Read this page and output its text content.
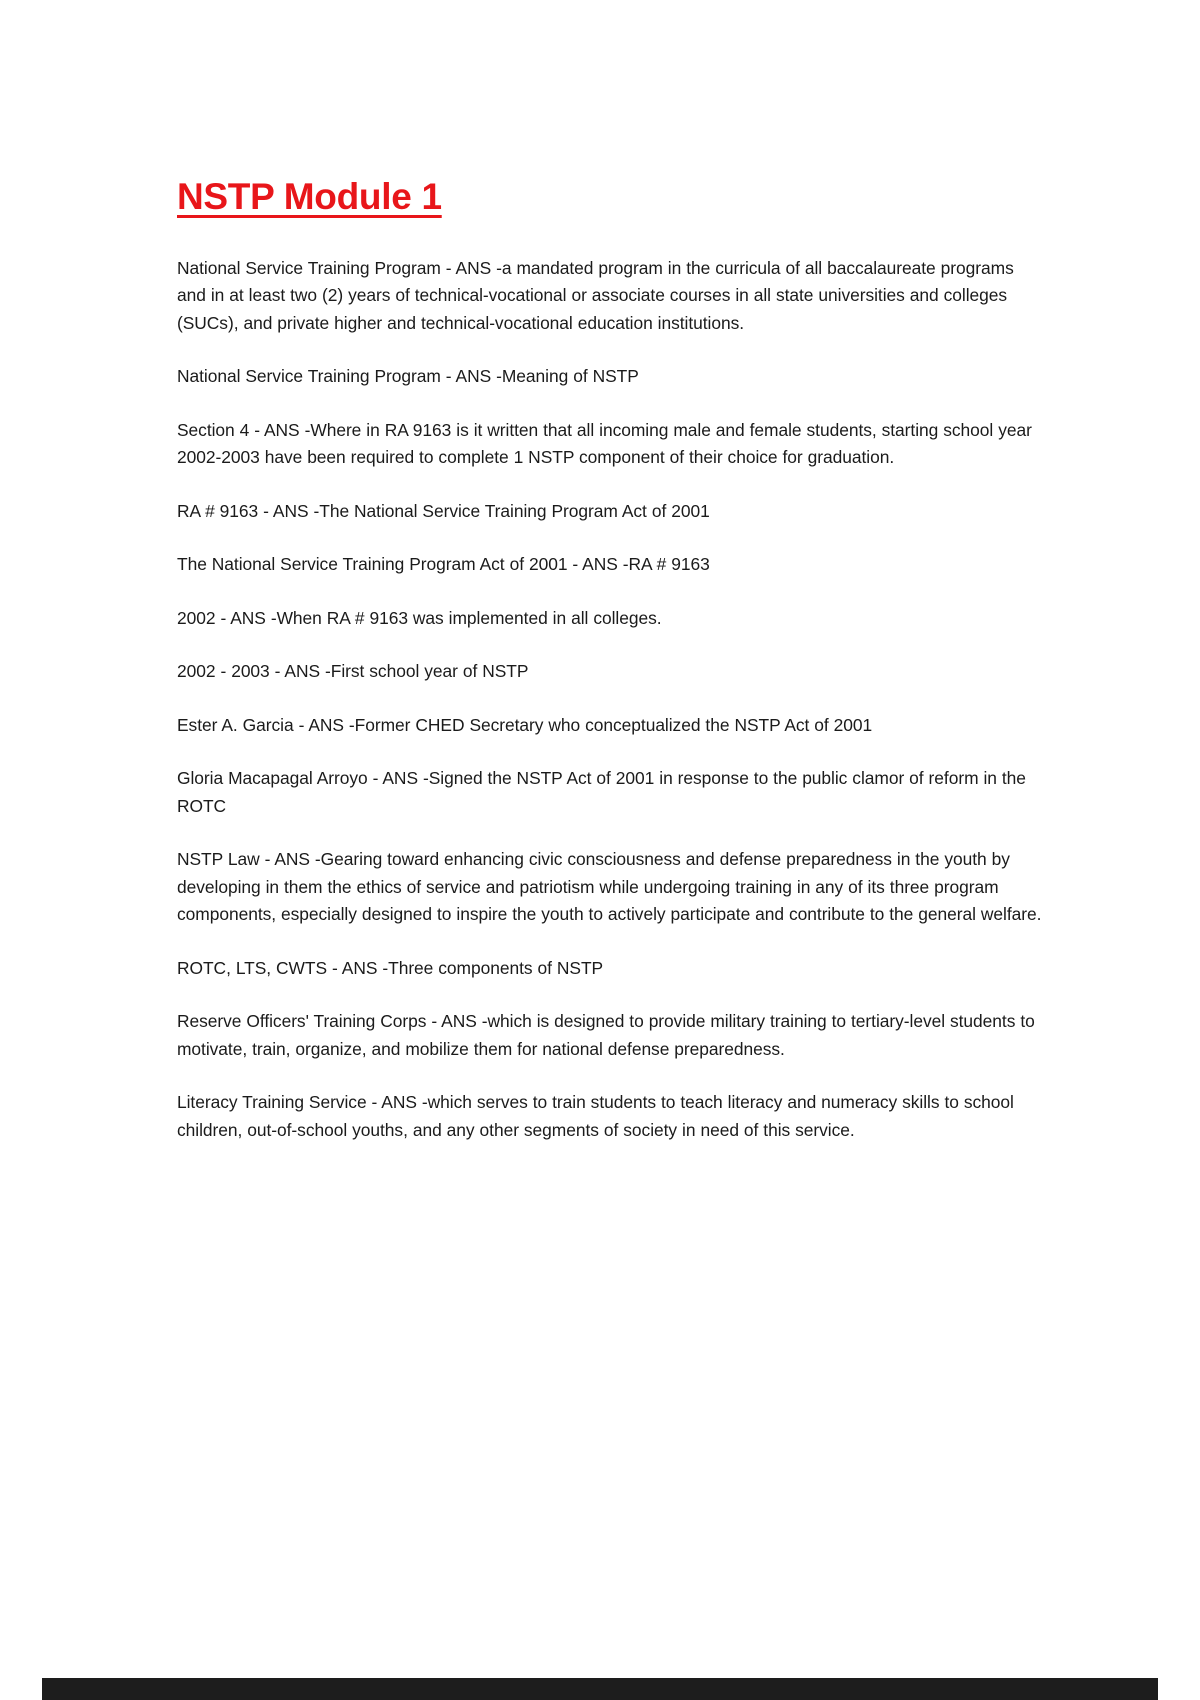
NSTP Module 1

National Service Training Program - ANS -a mandated program in the curricula of all baccalaureate programs and in at least two (2) years of technical-vocational or associate courses in all state universities and colleges (SUCs), and private higher and technical-vocational education institutions.

National Service Training Program - ANS -Meaning of NSTP

Section 4 - ANS -Where in RA 9163 is it written that all incoming male and female students, starting school year 2002-2003 have been required to complete 1 NSTP component of their choice for graduation.

RA # 9163 - ANS -The National Service Training Program Act of 2001

The National Service Training Program Act of 2001 - ANS -RA # 9163

2002 - ANS -When RA # 9163 was implemented in all colleges.

2002 - 2003 - ANS -First school year of NSTP

Ester A. Garcia - ANS -Former CHED Secretary who conceptualized the NSTP Act of 2001

Gloria Macapagal Arroyo - ANS -Signed the NSTP Act of 2001 in response to the public clamor of reform in the ROTC

NSTP Law - ANS -Gearing toward enhancing civic consciousness and defense preparedness in the youth by developing in them the ethics of service and patriotism while undergoing training in any of its three program components, especially designed to inspire the youth to actively participate and contribute to the general welfare.

ROTC, LTS, CWTS - ANS -Three components of NSTP

Reserve Officers' Training Corps - ANS -which is designed to provide military training to tertiary-level students to motivate, train, organize, and mobilize them for national defense preparedness.

Literacy Training Service - ANS -which serves to train students to teach literacy and numeracy skills to school children, out-of-school youths, and any other segments of society in need of this service.
